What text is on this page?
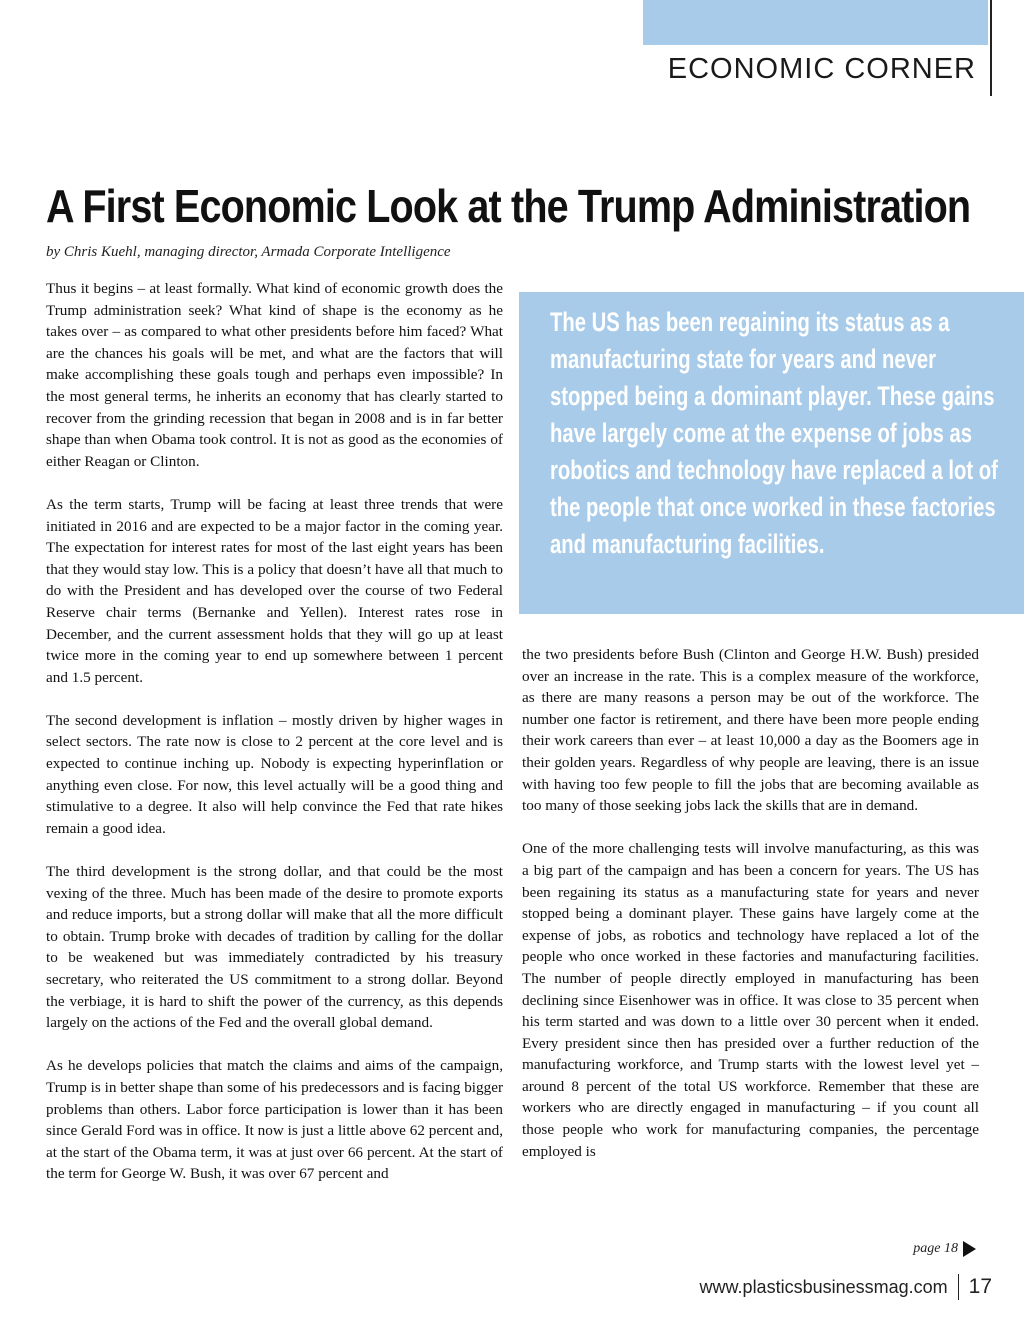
ECONOMIC CORNER
A First Economic Look at the Trump Administration
by Chris Kuehl, managing director, Armada Corporate Intelligence

Thus it begins – at least formally. What kind of economic growth does the Trump administration seek? What kind of shape is the economy as he takes over – as compared to what other presidents before him faced? What are the chances his goals will be met, and what are the factors that will make accomplishing these goals tough and perhaps even impossible? In the most general terms, he inherits an economy that has clearly started to recover from the grinding recession that began in 2008 and is in far better shape than when Obama took control. It is not as good as the economies of either Reagan or Clinton.

As the term starts, Trump will be facing at least three trends that were initiated in 2016 and are expected to be a major factor in the coming year. The expectation for interest rates for most of the last eight years has been that they would stay low. This is a policy that doesn’t have all that much to do with the President and has developed over the course of two Federal Reserve chair terms (Bernanke and Yellen). Interest rates rose in December, and the current assessment holds that they will go up at least twice more in the coming year to end up somewhere between 1 percent and 1.5 percent.

The second development is inflation – mostly driven by higher wages in select sectors. The rate now is close to 2 percent at the core level and is expected to continue inching up. Nobody is expecting hyperinflation or anything even close. For now, this level actually will be a good thing and stimulative to a degree. It also will help convince the Fed that rate hikes remain a good idea.

The third development is the strong dollar, and that could be the most vexing of the three. Much has been made of the desire to promote exports and reduce imports, but a strong dollar will make that all the more difficult to obtain. Trump broke with decades of tradition by calling for the dollar to be weakened but was immediately contradicted by his treasury secretary, who reiterated the US commitment to a strong dollar. Beyond the verbiage, it is hard to shift the power of the currency, as this depends largely on the actions of the Fed and the overall global demand.

As he develops policies that match the claims and aims of the campaign, Trump is in better shape than some of his predecessors and is facing bigger problems than others. Labor force participation is lower than it has been since Gerald Ford was in office. It now is just a little above 62 percent and, at the start of the Obama term, it was at just over 66 percent. At the start of the term for George W. Bush, it was over 67 percent and

The US has been regaining its status as a manufacturing state for years and never stopped being a dominant player. These gains have largely come at the expense of jobs as robotics and technology have replaced a lot of the people that once worked in these factories and manufacturing facilities.

the two presidents before Bush (Clinton and George H.W. Bush) presided over an increase in the rate. This is a complex measure of the workforce, as there are many reasons a person may be out of the workforce. The number one factor is retirement, and there have been more people ending their work careers than ever – at least 10,000 a day as the Boomers age in their golden years. Regardless of why people are leaving, there is an issue with having too few people to fill the jobs that are becoming available as too many of those seeking jobs lack the skills that are in demand.

One of the more challenging tests will involve manufacturing, as this was a big part of the campaign and has been a concern for years. The US has been regaining its status as a manufacturing state for years and never stopped being a dominant player. These gains have largely come at the expense of jobs, as robotics and technology have replaced a lot of the people who once worked in these factories and manufacturing facilities. The number of people directly employed in manufacturing has been declining since Eisenhower was in office. It was close to 35 percent when his term started and was down to a little over 30 percent when it ended. Every president since then has presided over a further reduction of the manufacturing workforce, and Trump starts with the lowest level yet – around 8 percent of the total US workforce. Remember that these are workers who are directly engaged in manufacturing – if you count all those people who work for manufacturing companies, the percentage employed is

page 18
www.plasticsbusinessmag.com 17
